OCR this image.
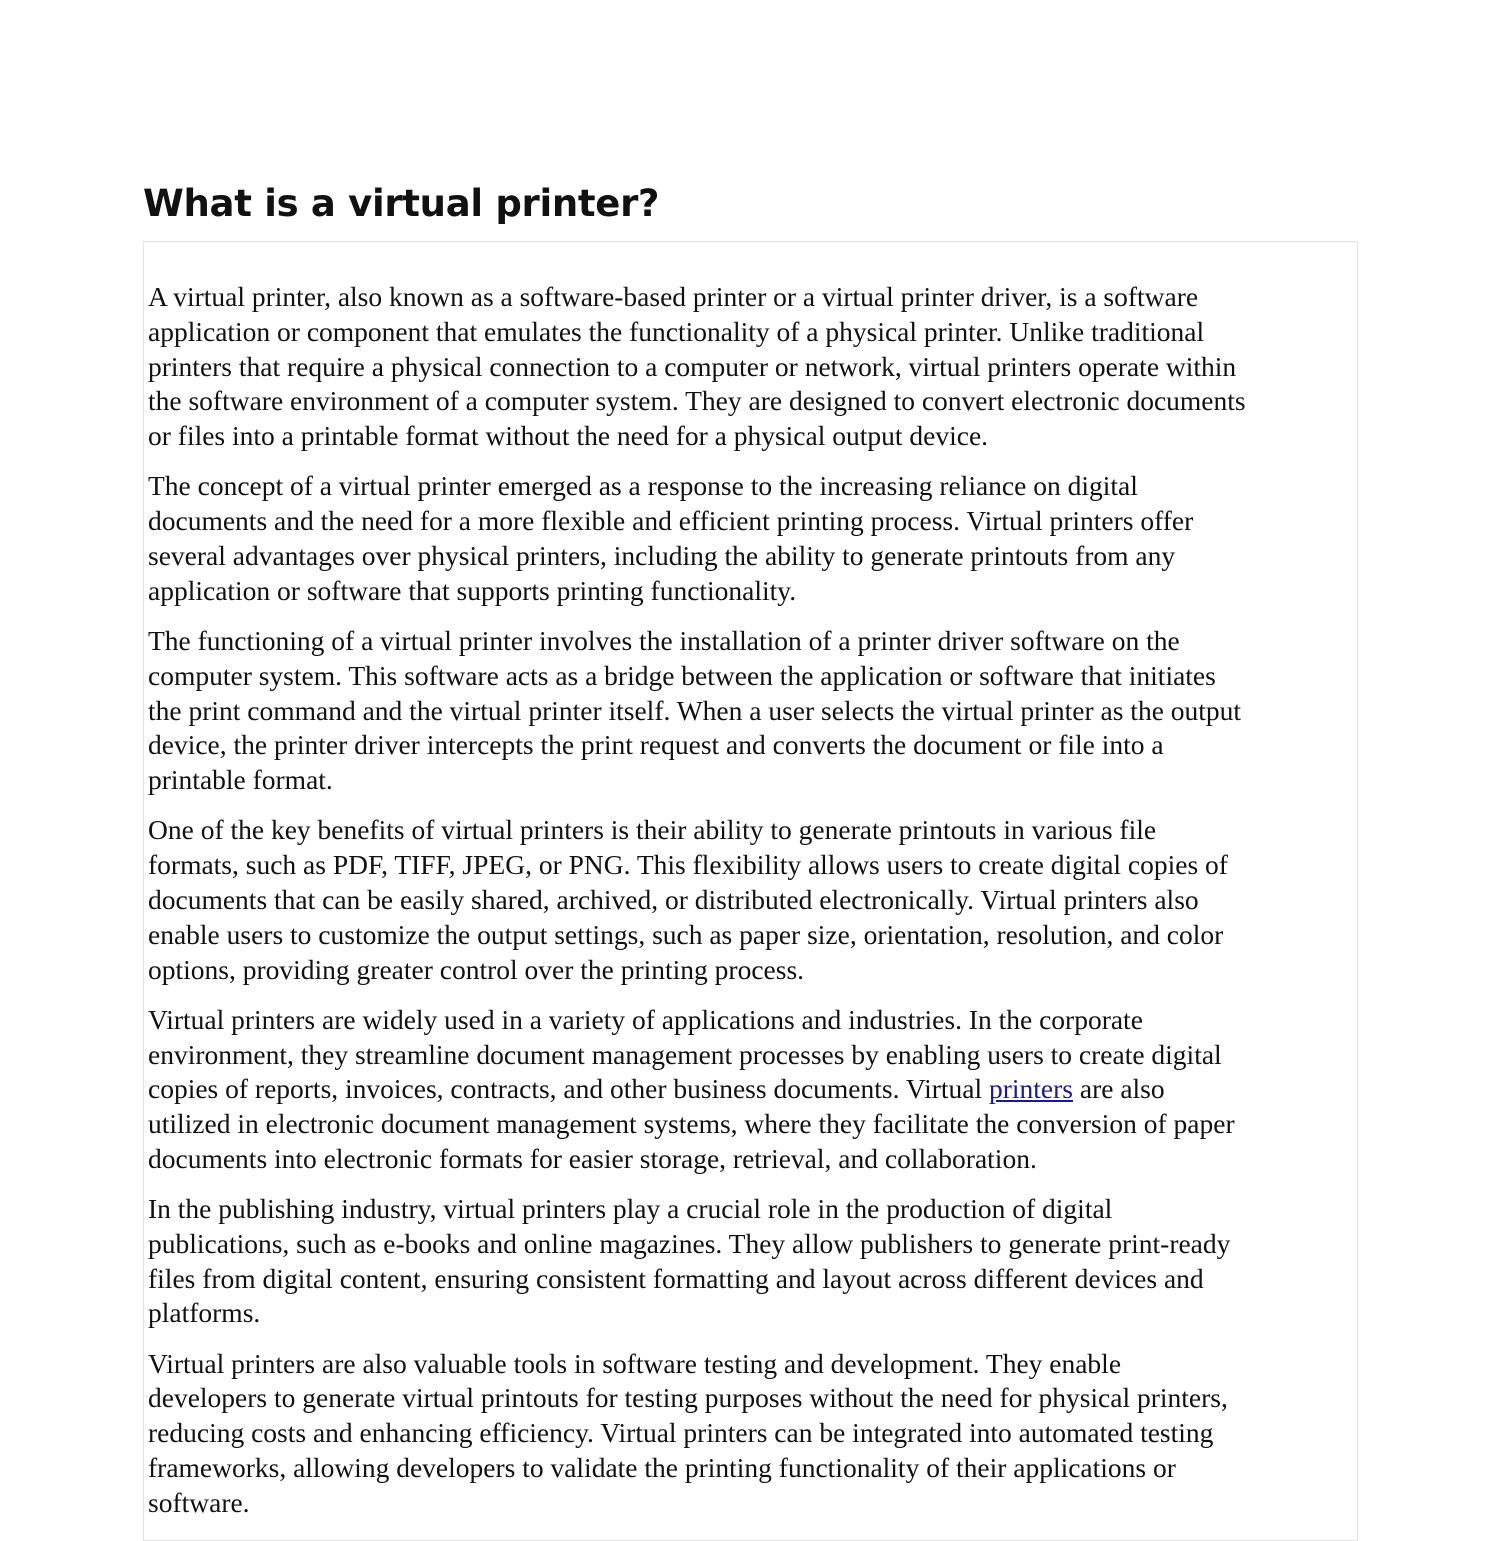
What is a virtual printer?

A virtual printer, also known as a software-based printer or a virtual printer driver, is a software
application or component that emulates the functionality of a physical printer. Unlike traditional
printers that require a physical connection to a computer or network, virtual printers operate within
the software environment of a computer system. They are designed to convert electronic documents
or files into a printable format without the need for a physical output device.

The concept of a virtual printer emerged as a response to the increasing reliance on digital
documents and the need for a more flexible and efficient printing process. Virtual printers offer
several advantages over physical printers, including the ability to generate printouts from any
application or software that supports printing functionality.

The functioning of a virtual printer involves the installation of a printer driver software on the
computer system. This software acts as a bridge between the application or software that initiates
the print command and the virtual printer itself. When a user selects the virtual printer as the output
device, the printer driver intercepts the print request and converts the document or file into a
printable format.

One of the key benefits of virtual printers is their ability to generate printouts in various file
formats, such as PDF, TIFF, JPEG, or PNG. This flexibility allows users to create digital copies of
documents that can be easily shared, archived, or distributed electronically. Virtual printers also
enable users to customize the output settings, such as paper size, orientation, resolution, and color
options, providing greater control over the printing process.

Virtual printers are widely used in a variety of applications and industries. In the corporate
environment, they streamline document management processes by enabling users to create digital
copies of reports, invoices, contracts, and other business documents. Virtual printers are also
utilized in electronic document management systems, where they facilitate the conversion of paper
documents into electronic formats for easier storage, retrieval, and collaboration.

In the publishing industry, virtual printers play a crucial role in the production of digital
publications, such as e-books and online magazines. They allow publishers to generate print-ready
files from digital content, ensuring consistent formatting and layout across different devices and
platforms.

Virtual printers are also valuable tools in software testing and development. They enable
developers to generate virtual printouts for testing purposes without the need for physical printers,
reducing costs and enhancing efficiency. Virtual printers can be integrated into automated testing
frameworks, allowing developers to validate the printing functionality of their applications or
software.
